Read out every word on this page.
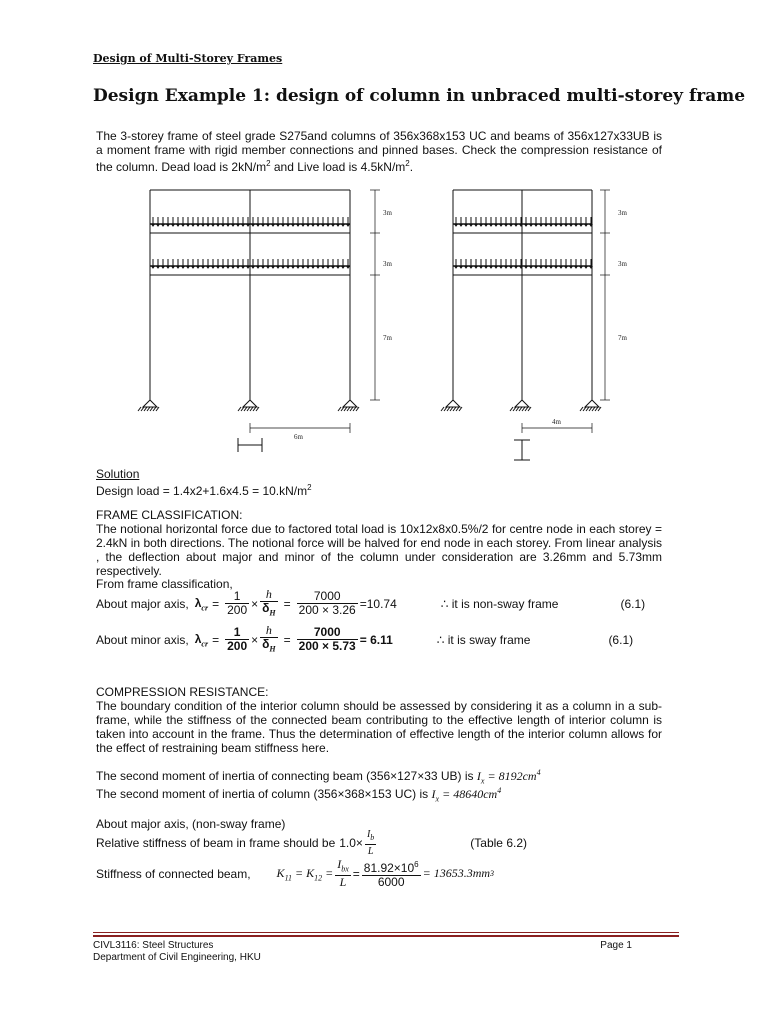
Design of Multi-Storey Frames
Design Example 1: design of column in unbraced multi-storey frame
The 3-storey frame of steel grade S275and columns of 356x368x153 UC and beams of 356x127x33UB is a moment frame with rigid member connections and pinned bases. Check the compression resistance of the column. Dead load is $2kN/m^2$ and Live load is $4.5kN/m^2$.
3m
3m
7m
6m
3m
3m
7m
4m
Solution
Design load = $1.4x2+1.6x4.5 = 10.kN/m^2$
FRAME CLASSIFICATION:
The notional horizontal force due to factored total load is 10x12x8x0.5%/2 for centre node in each storey = 2.4kN in both directions. The notional force will be halved for end node in each storey. From linear analysis , the deflection about major and minor of the column under consideration are 3.26mm and 5.73mm respectively.
From frame classification,
About major axis, $\lambda_{cr} = \frac{1}{200} \times \frac{h}{\delta_H} = \frac{7000}{200 \times 3.26} =10.74$	∴ it is non-sway frame	(6.1)
About minor axis, $\lambda_{cr} = \frac{1}{200} \times \frac{h}{\delta_H} = \frac{7000}{200 \times 5.73} = 6.11$	∴ it is sway frame	(6.1)
COMPRESSION RESISTANCE:
The boundary condition of the interior column should be assessed by considering it as a column in a sub-frame, while the stiffness of the connected beam contributing to the effective length of interior column is taken into account in the frame. Thus the determination of effective length of the interior column allows for the effect of restraining beam stiffness here.
The second moment of inertia of connecting beam (356×127×33 UB) is $I_x = 8192cm^4$
The second moment of inertia of column (356×368×153 UC) is $I_x = 48640cm^4$
About major axis, (non-sway frame)
Relative stiffness of beam in frame should be $1.0\times \frac{I_b}{L}$	(Table 6.2)
Stiffness of connected beam, $K_{11} = K_{12} = \frac{I_{bx}}{L} = \frac{81.92\times 10^6}{6000} = 13653.3mm$ 3
CIVL3116: Steel Structures
Department of Civil Engineering, HKU
Page 1
